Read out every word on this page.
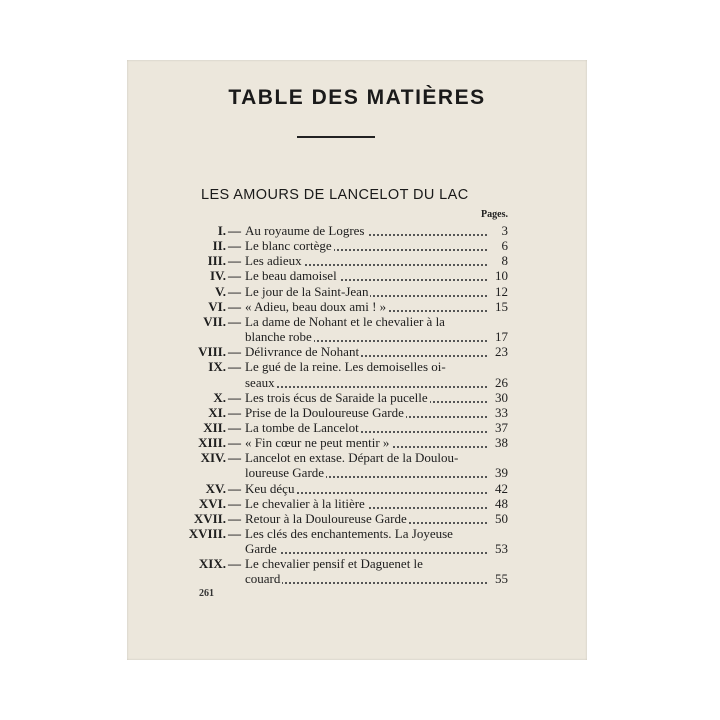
TABLE DES MATIÈRES
LES AMOURS DE LANCELOT DU LAC
Pages.
I. — Au royaume de Logres	3
II. — Le blanc cortège	6
III. — Les adieux	8
IV. — Le beau damoisel	10
V. — Le jour de la Saint-Jean	12
VI. — « Adieu, beau doux ami ! »	15
VII. — La dame de Nohant et le chevalier à la
blanche robe	17
VIII. — Délivrance de Nohant	23
IX. — Le gué de la reine. Les demoiselles oi-
seaux	26
X. — Les trois écus de Saraide la pucelle	30
XI. — Prise de la Douloureuse Garde	33
XII. — La tombe de Lancelot	37
XIII. — « Fin cœur ne peut mentir »	38
XIV. — Lancelot en extase. Départ de la Doulou-
loureuse Garde	39
XV. — Keu déçu	42
XVI. — Le chevalier à la litière	48
XVII. — Retour à la Douloureuse Garde	50
XVIII. — Les clés des enchantements. La Joyeuse
Garde	53
XIX. — Le chevalier pensif et Daguenet le
couard	55
261
